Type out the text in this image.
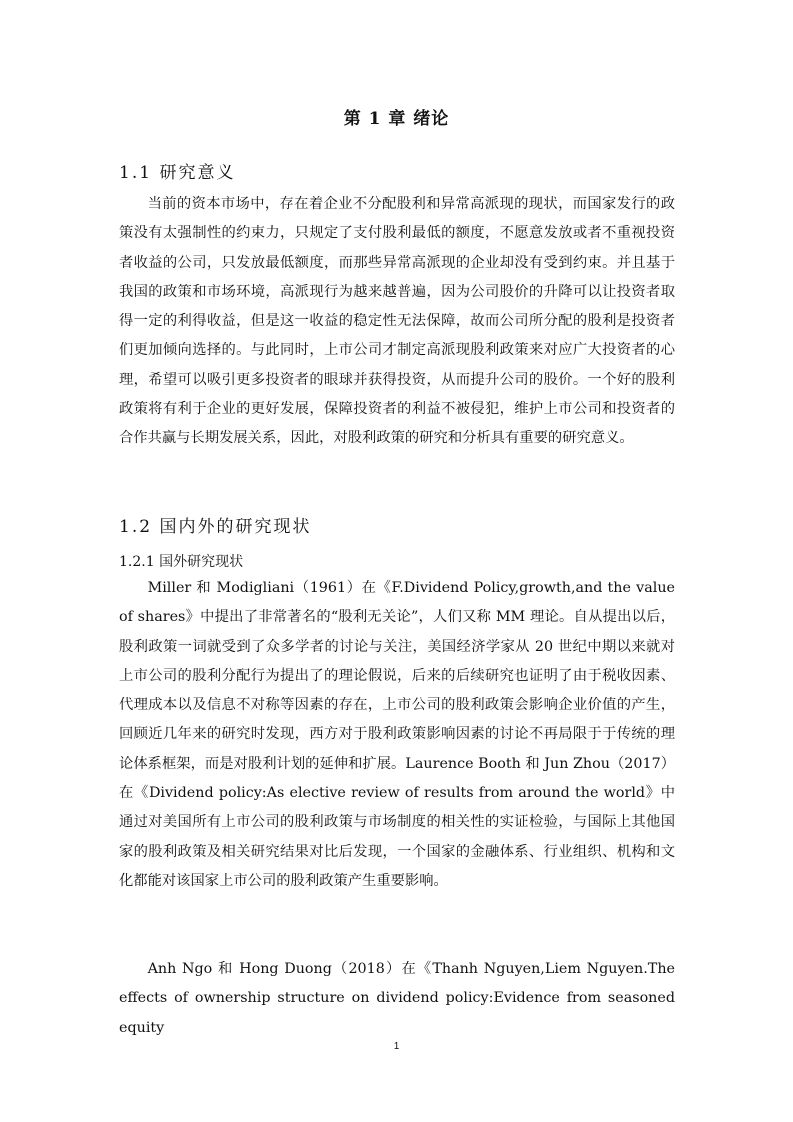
第 1 章 绪论
1.1 研究意义

当前的资本市场中，存在着企业不分配股利和异常高派现的现状，而国家发行的政策没有太强制性的约束力，只规定了支付股利最低的额度，不愿意发放或者不重视投资者收益的公司，只发放最低额度，而那些异常高派现的企业却没有受到约束。并且基于我国的政策和市场环境，高派现行为越来越普遍，因为公司股价的升降可以让投资者取得一定的利得收益，但是这一收益的稳定性无法保障，故而公司所分配的股利是投资者们更加倾向选择的。与此同时，上市公司才制定高派现股利政策来对应广大投资者的心理，希望可以吸引更多投资者的眼球并获得投资，从而提升公司的股价。一个好的股利政策将有利于企业的更好发展，保障投资者的利益不被侵犯，维护上市公司和投资者的合作共赢与长期发展关系，因此，对股利政策的研究和分析具有重要的研究意义。

1.2 国内外的研究现状
1.2.1 国外研究现状

Miller 和 Modigliani（1961）在《F.Dividend Policy,growth,and the value of shares》中提出了非常著名的“股利无关论”，人们又称 MM 理论。自从提出以后，股利政策一词就受到了众多学者的讨论与关注，美国经济学家从 20 世纪中期以来就对上市公司的股利分配行为提出了的理论假说，后来的后续研究也证明了由于税收因素、代理成本以及信息不对称等因素的存在，上市公司的股利政策会影响企业价值的产生，回顾近几年来的研究时发现，西方对于股利政策影响因素的讨论不再局限于于传统的理论体系框架，而是对股利计划的延伸和扩展。Laurence Booth 和 Jun Zhou（2017）在《Dividend policy:As elective review of results from around the world》中通过对美国所有上市公司的股利政策与市场制度的相关性的实证检验，与国际上其他国家的股利政策及相关研究结果对比后发现，一个国家的金融体系、行业组织、机构和文化都能对该国家上市公司的股利政策产生重要影响。

Anh Ngo 和 Hong Duong（2018）在《Thanh Nguyen,Liem Nguyen.The effects of ownership structure on dividend policy:Evidence from seasoned equity

1
